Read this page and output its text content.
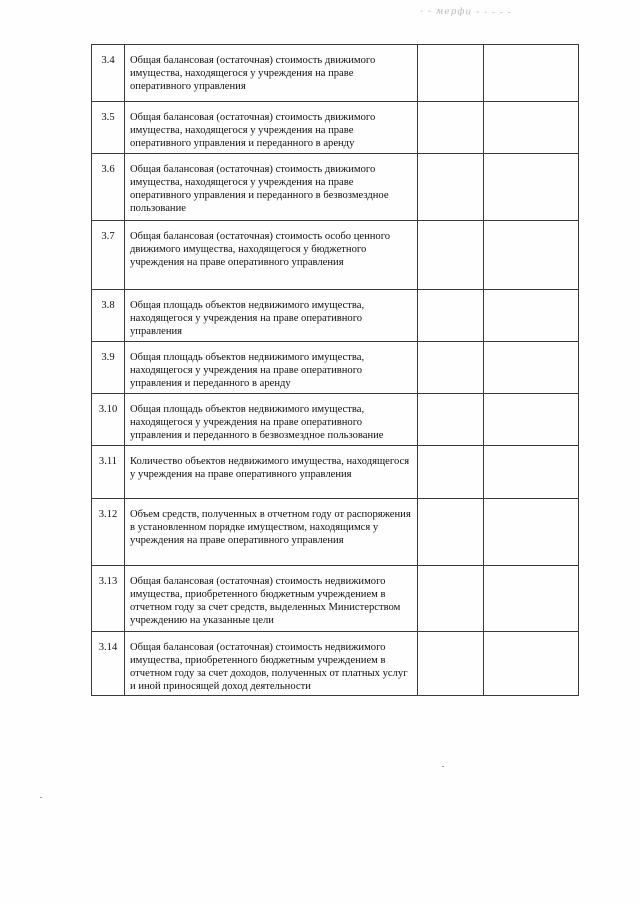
- - мерфи - - - - -
3.4	Общая балансовая (остаточная) стоимость движимого имущества, находящегося у учреждения на праве оперативного управления		
3.5	Общая балансовая (остаточная) стоимость движимого имущества, находящегося у учреждения на праве оперативного управления и переданного в аренду		
3.6	Общая балансовая (остаточная) стоимость движимого имущества, находящегося у учреждения на праве оперативного управления и переданного в безвозмездное пользование		
3.7	Общая балансовая (остаточная) стоимость особо ценного движимого имущества, находящегося у бюджетного учреждения на праве оперативного управления		
3.8	Общая площадь объектов недвижимого имущества, находящегося у учреждения на праве оперативного управления		
3.9	Общая площадь объектов недвижимого имущества, находящегося у учреждения на праве оперативного управления и переданного в аренду		
3.10	Общая площадь объектов недвижимого имущества, находящегося у учреждения на праве оперативного управления и переданного в безвозмездное пользование		
3.11	Количество объектов недвижимого имущества, находящегося у учреждения на праве оперативного управления		
3.12	Объем средств, полученных в отчетном году от распоряжения в установленном порядке имуществом, находящимся у учреждения на праве оперативного управления		
3.13	Общая балансовая (остаточная) стоимость недвижимого имущества, приобретенного бюджетным учреждением в отчетном году за счет средств, выделенных Министерством учреждению на указанные цели		
3.14	Общая балансовая (остаточная) стоимость недвижимого имущества, приобретенного бюджетным учреждением в отчетном году за счет доходов, полученных от платных услуг и иной приносящей доход деятельности		
